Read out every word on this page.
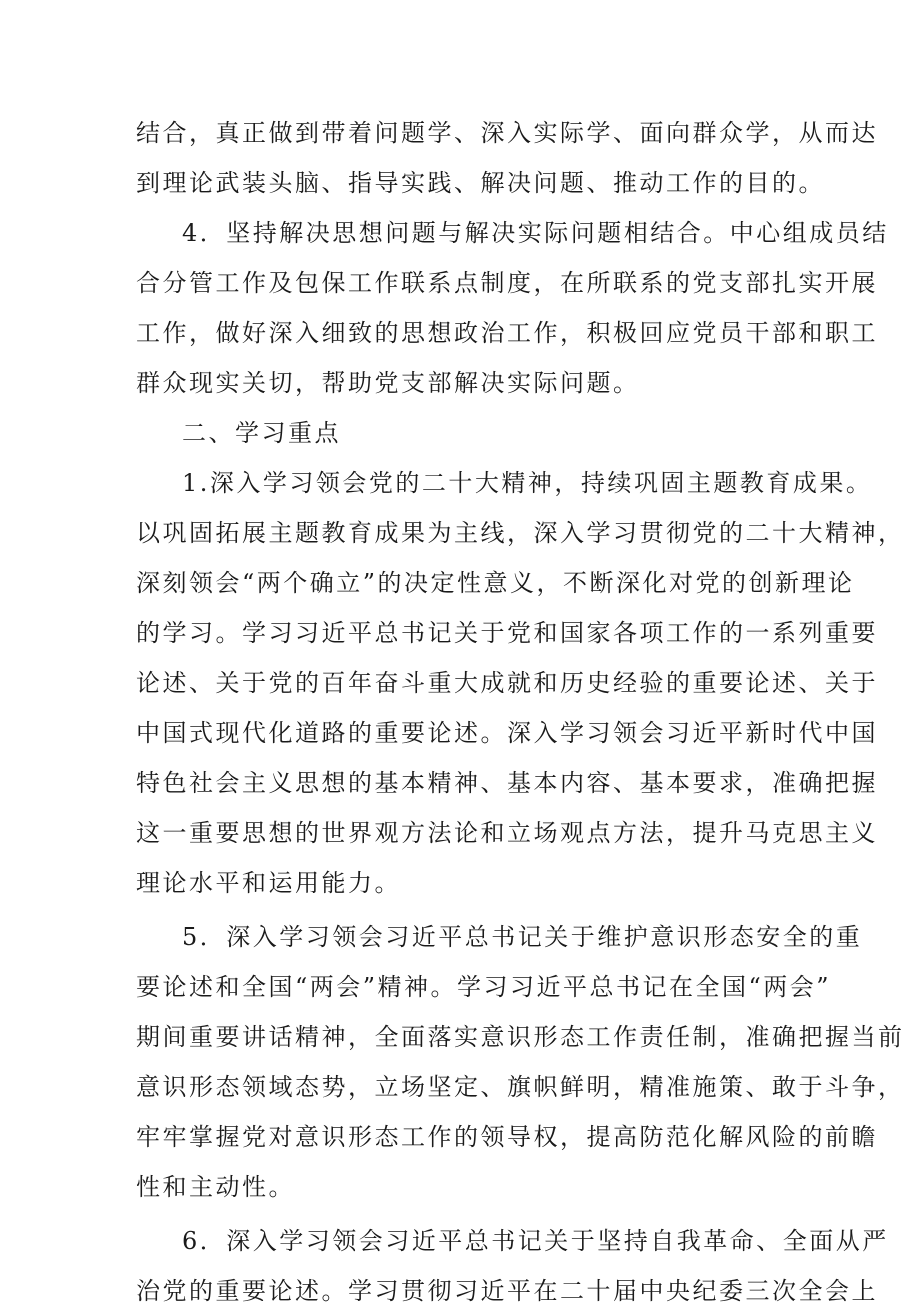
结合，真正做到带着问题学、深入实际学、面向群众学，从而达
到理论武装头脑、指导实践、解决问题、推动工作的目的。
4．坚持解决思想问题与解决实际问题相结合。中心组成员结
合分管工作及包保工作联系点制度，在所联系的党支部扎实开展
工作，做好深入细致的思想政治工作，积极回应党员干部和职工
群众现实关切，帮助党支部解决实际问题。
二、学习重点
1.深入学习领会党的二十大精神，持续巩固主题教育成果。
以巩固拓展主题教育成果为主线，深入学习贯彻党的二十大精神，
深刻领会“两个确立”的决定性意义，不断深化对党的创新理论
的学习。学习习近平总书记关于党和国家各项工作的一系列重要
论述、关于党的百年奋斗重大成就和历史经验的重要论述、关于
中国式现代化道路的重要论述。深入学习领会习近平新时代中国
特色社会主义思想的基本精神、基本内容、基本要求，准确把握
这一重要思想的世界观方法论和立场观点方法，提升马克思主义
理论水平和运用能力。
5．深入学习领会习近平总书记关于维护意识形态安全的重
要论述和全国“两会”精神。学习习近平总书记在全国“两会”
期间重要讲话精神，全面落实意识形态工作责任制，准确把握当前
意识形态领域态势，立场坚定、旗帜鲜明，精准施策、敢于斗争，
牢牢掌握党对意识形态工作的领导权，提高防范化解风险的前瞻
性和主动性。
6．深入学习领会习近平总书记关于坚持自我革命、全面从严
治党的重要论述。学习贯彻习近平在二十届中央纪委三次全会上
